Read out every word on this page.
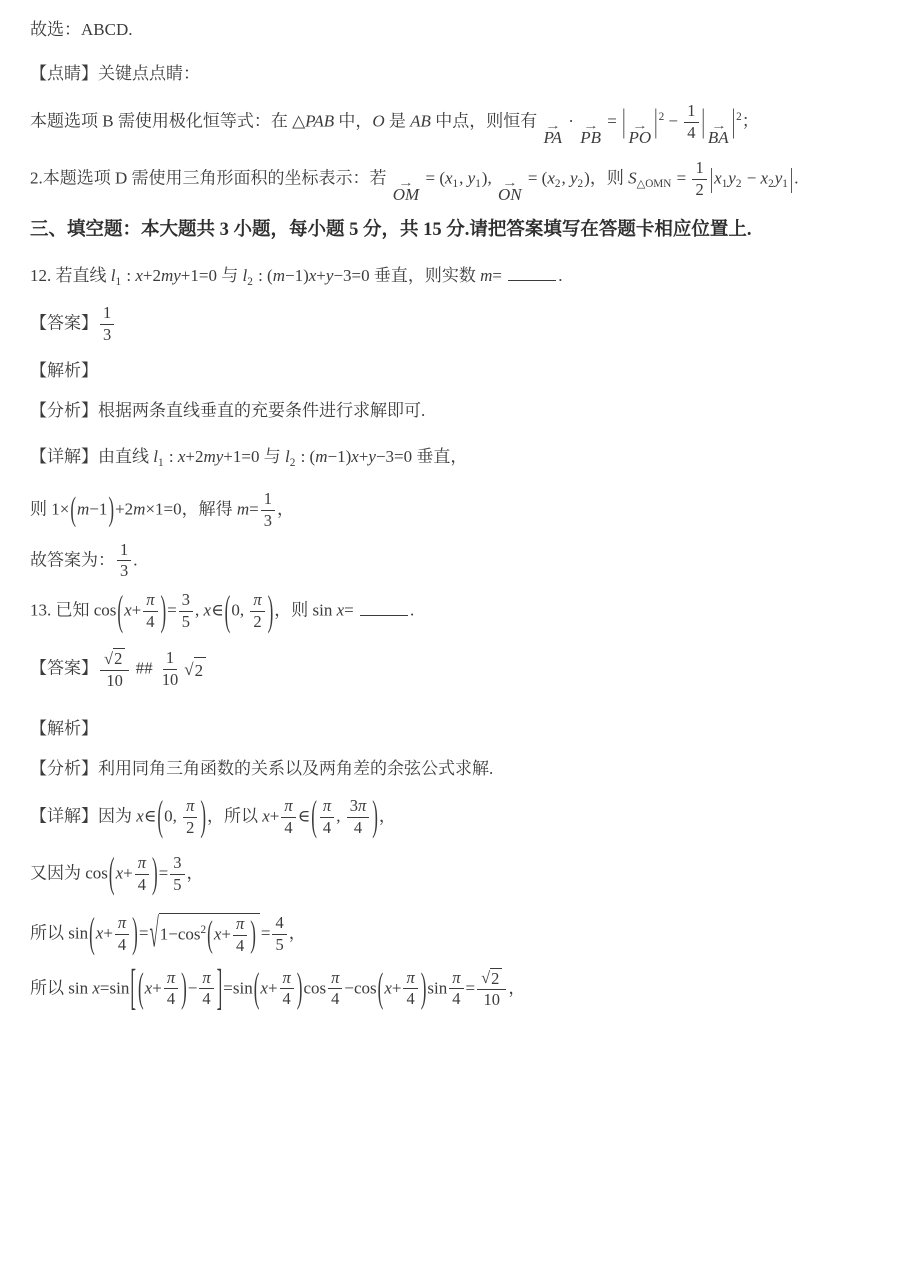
故选：ABCD.
【点睛】关键点点睛：
本题选项 B 需使用极化恒等式：在 △PAB 中，O 是 AB 中点，则恒有 →
PA
· →
PB
= | →
PO $|^2 - \frac{1}{4}$ | →
BA $|^2$；
2.本题选项 D 需使用三角形面积的坐标表示：若 →
OM
= ($x_1$, $y_1$), →
ON
= ($x_2$, $y_2$)，则 $S_{\triangle OMN} = \frac{1}{2} |x_1y_2 - x_2y_1$ |.
三、填空题：本大题共 3 小题，每小题 5 分，共 15 分.请把答案填写在答题卡相应位置上.
12. 若直线 $l_1$ : x+2my+1=0 与 $l_2$ : (m−1)x+y−3=0 垂直，则实数 m=	.
【答案】 $\frac{1}{3}$
【解析】
【分析】根据两条直线垂直的充要条件进行求解即可.
【详解】由直线 $l_1$ : x+2my+1=0 与 $l_2$ : (m−1)x+y−3=0 垂直，
则 1×(m−1)+2m×1=0，解得 $m= \frac{1}{3}$ ，
故答案为： $\frac{1}{3}$ .
13. 已知 $\cos(x+ \frac{\pi}{4}$ )= $\frac{3}{5}$ , x∈(0, $\frac{\pi}{2}$ )，则 sin x=	.
【答案】 $\frac{√ 2}{10}$ ## $\frac{1}{10}$ √ 2
【解析】
【分析】利用同角三角函数的关系以及两角差的余弦公式求解.
【详解】因为 x∈(0, $\frac{\pi}{2}$ )，所以 $x+ \frac{\pi}{4}$ ∈( $\frac{\pi}{4}$ , $\frac{3\pi}{4}$ )，
又因为 $\cos(x+ \frac{\pi}{4}$ )= $\frac{3}{5}$ ，
所以 $\sin(x+ \frac{\pi}{4}$ )= √ $1-\cos^2(x+ \frac{\pi}{4}$ ) = $\frac{4}{5}$ ，
所以 sin x=sin[ ($x+ \frac{\pi}{4}$ )− $\frac{\pi}{4} ]=\sin(x+ \frac{\pi}{4} )\cos \frac{\pi}{4} -\cos(x+ \frac{\pi}{4} )\sin \frac{\pi}{4} = \frac{√ 2}{10}$ ，
